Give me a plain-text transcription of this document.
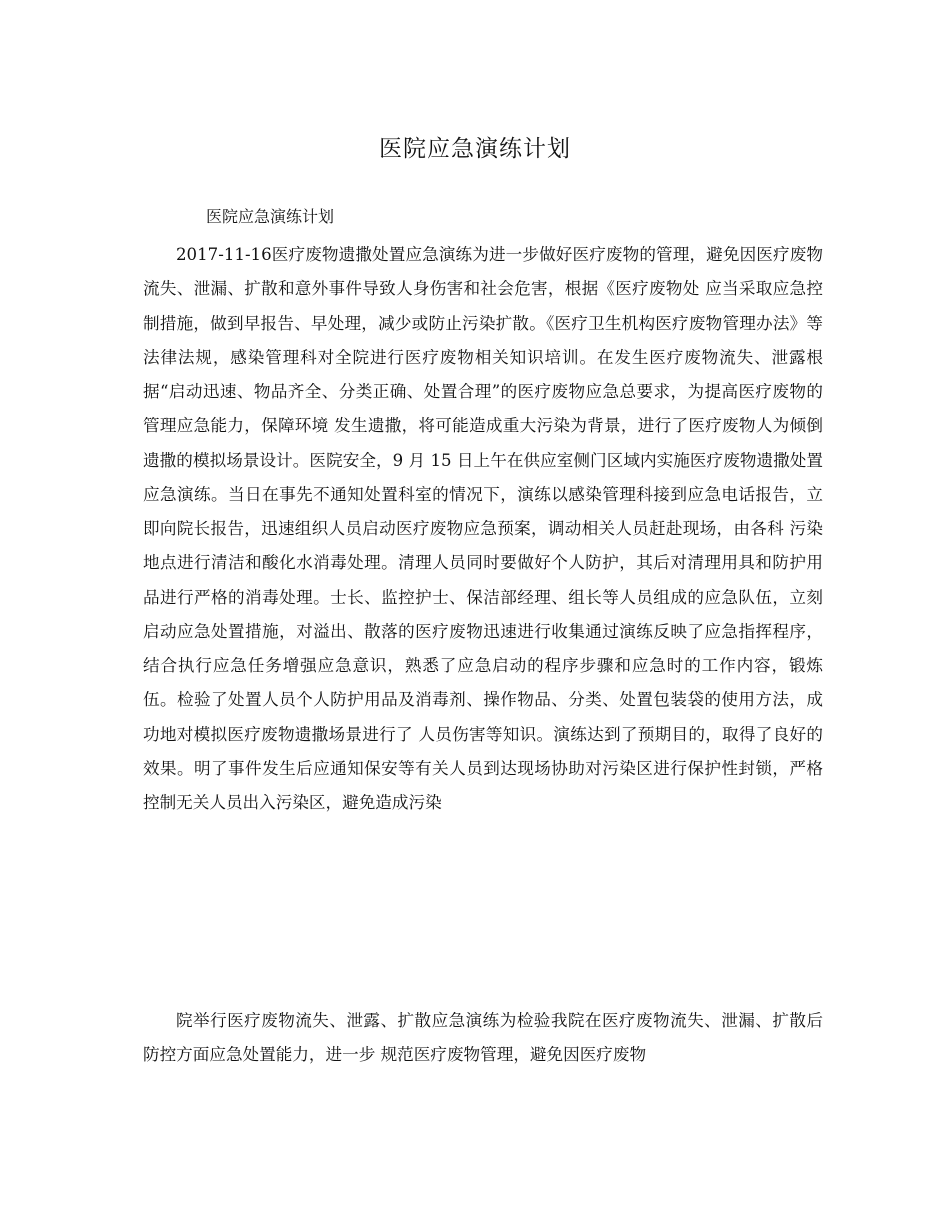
医院应急演练计划
医院应急演练计划

2017-11-16医疗废物遗撒处置应急演练为进一步做好医疗废物的管理，避免因医疗废物流失、泄漏、扩散和意外事件导致人身伤害和社会危害，根据《医疗废物处 应当采取应急控制措施，做到早报告、早处理，减少或防止污染扩散。《医疗卫生机构医疗废物管理办法》等法律法规，感染管理科对全院进行医疗废物相关知识培训。在发生医疗废物流失、泄露根据“启动迅速、物品齐全、分类正确、处置合理”的医疗废物应急总要求，为提高医疗废物的管理应急能力，保障环境 发生遗撒，将可能造成重大污染为背景，进行了医疗废物人为倾倒遗撒的模拟场景设计。医院安全，9 月 15 日上午在供应室侧门区域内实施医疗废物遗撒处置应急演练。当日在事先不通知处置科室的情况下，演练以感染管理科接到应急电话报告，立即向院长报告，迅速组织人员启动医疗废物应急预案，调动相关人员赶赴现场，由各科 污染地点进行清洁和酸化水消毒处理。清理人员同时要做好个人防护，其后对清理用具和防护用品进行严格的消毒处理。士长、监控护士、保洁部经理、组长等人员组成的应急队伍，立刻启动应急处置措施，对溢出、散落的医疗废物迅速进行收集通过演练反映了应急指挥程序，结合执行应急任务增强应急意识，熟悉了应急启动的程序步骤和应急时的工作内容，锻炼伍。检验了处置人员个人防护用品及消毒剂、操作物品、分类、处置包装袋的使用方法，成功地对模拟医疗废物遗撒场景进行了 人员伤害等知识。演练达到了预期目的，取得了良好的效果。明了事件发生后应通知保安等有关人员到达现场协助对污染区进行保护性封锁，严格控制无关人员出入污染区，避免造成污染

院举行医疗废物流失、泄露、扩散应急演练为检验我院在医疗废物流失、泄漏、扩散后防控方面应急处置能力，进一步 规范医疗废物管理，避免因医疗废物
